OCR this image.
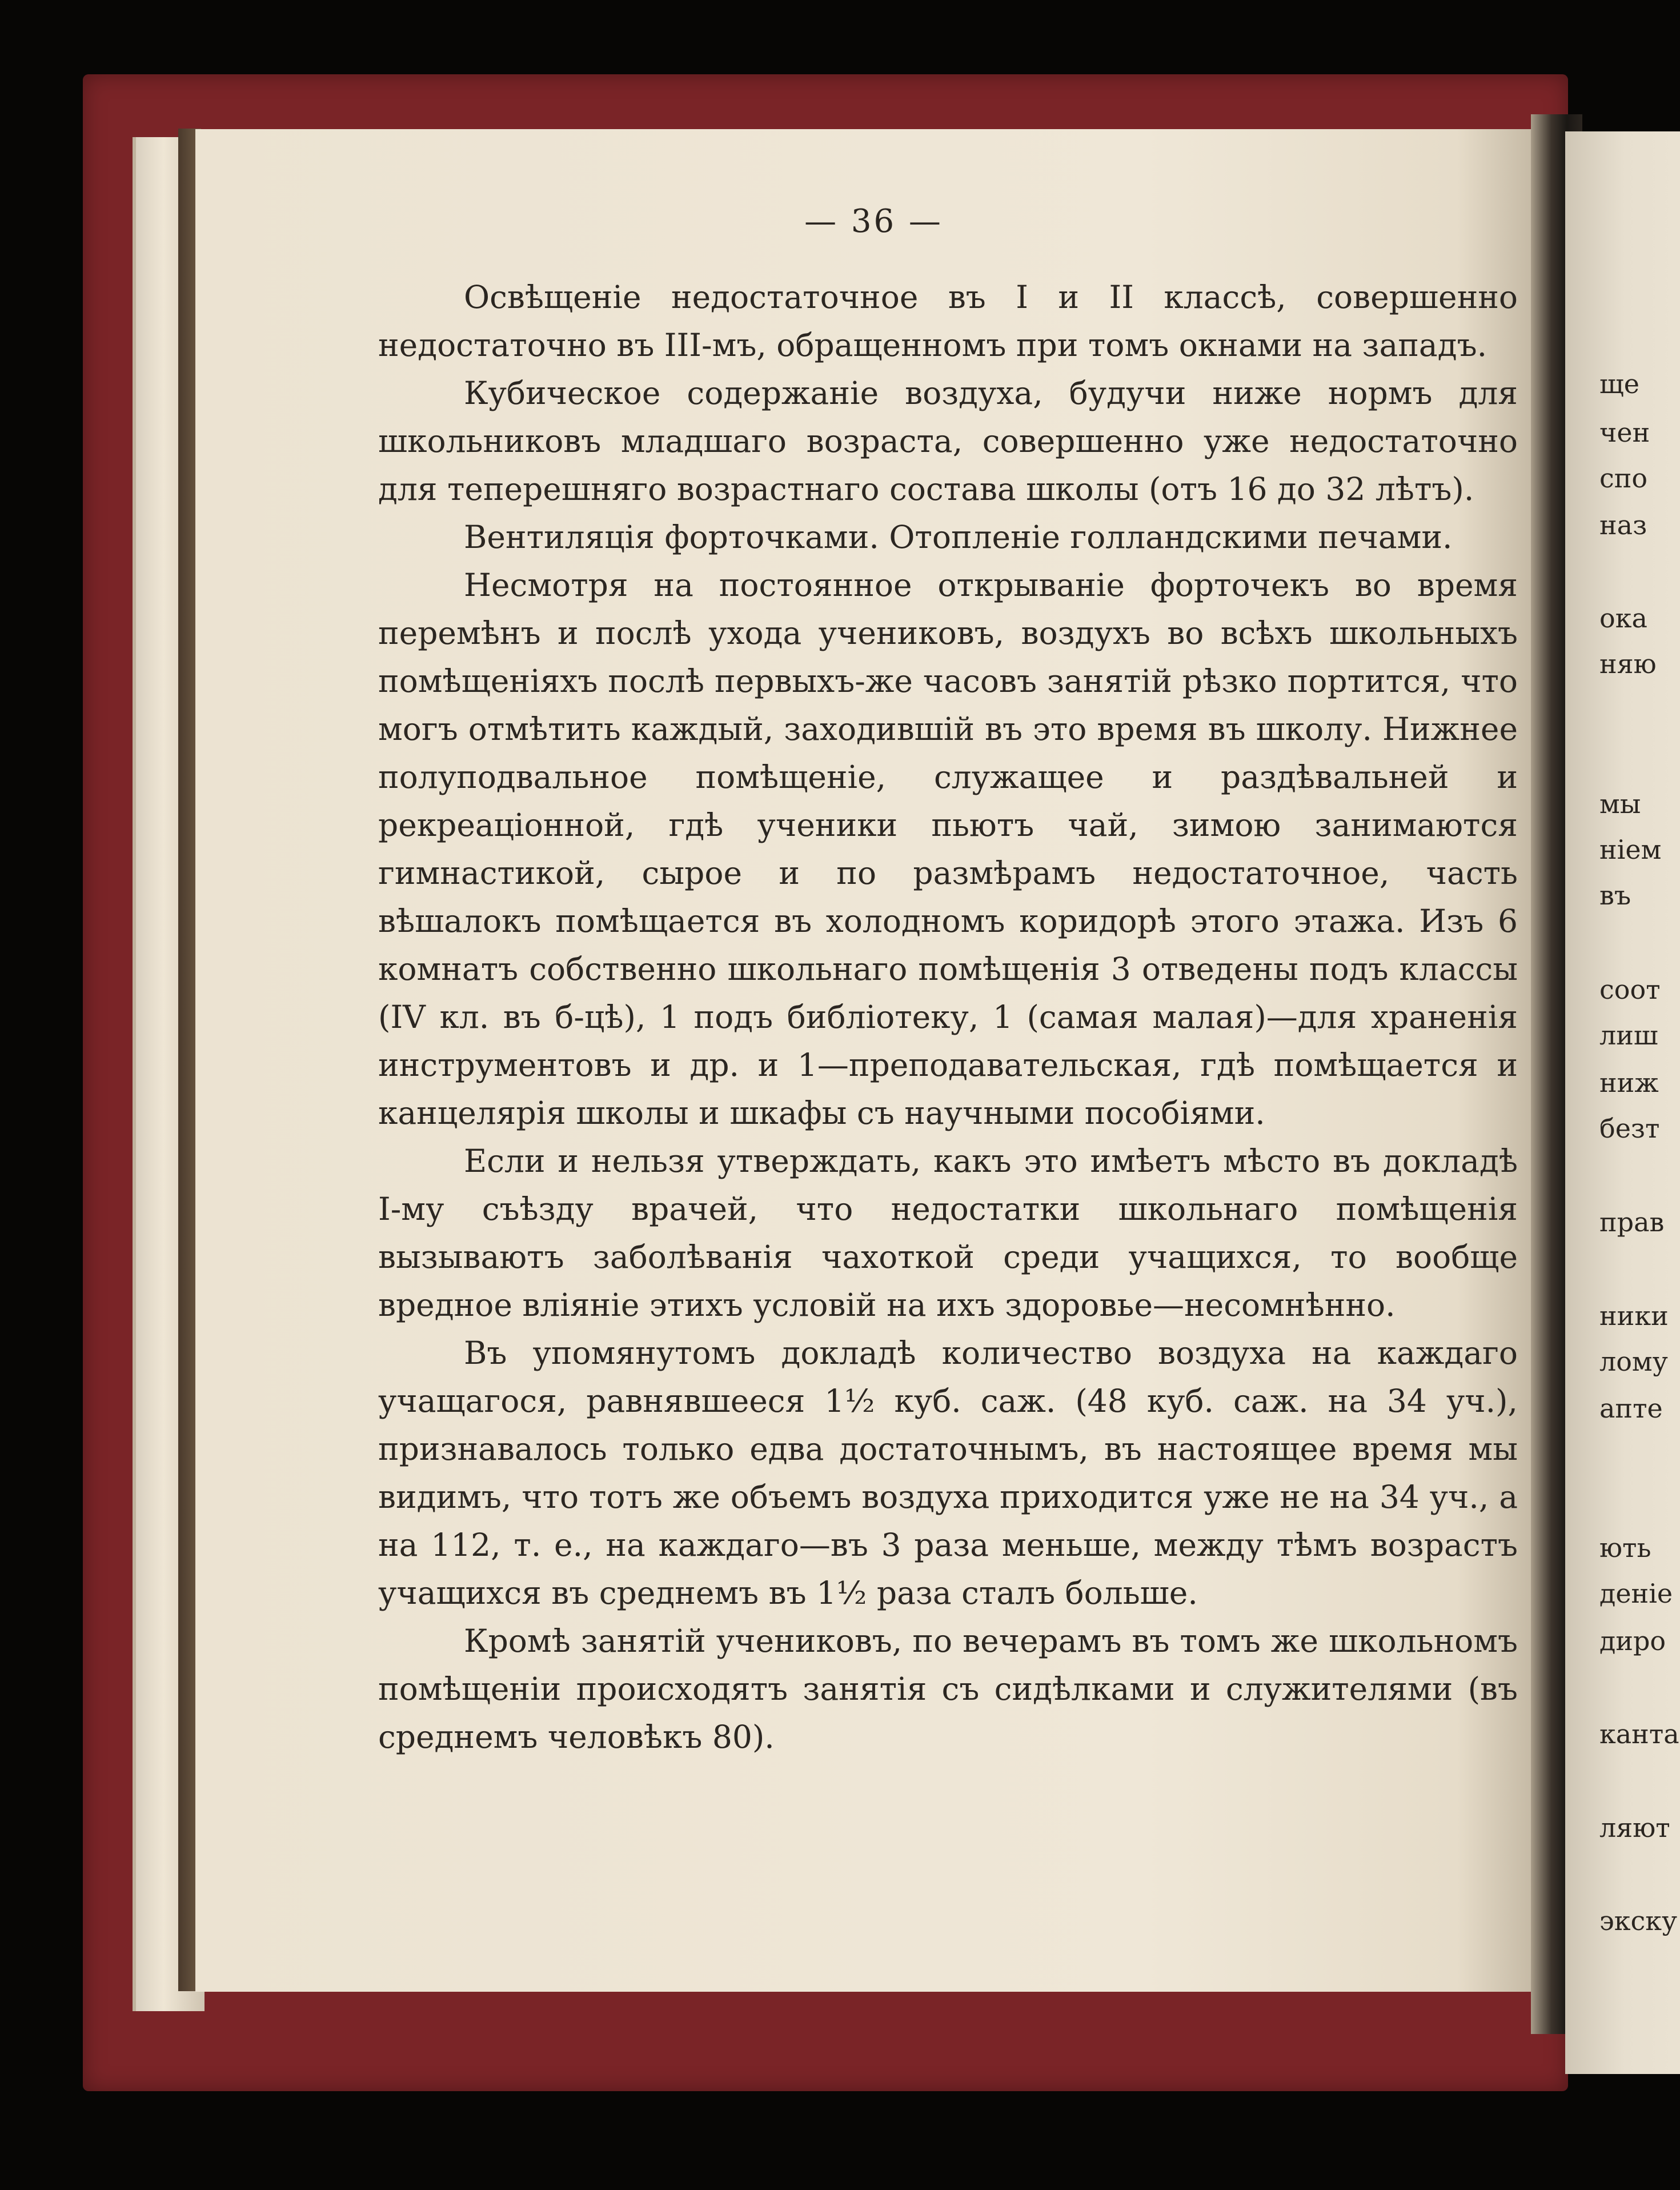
ще
чен
спо
наз
ока
няю
мы
ніем
въ
соот
лиш
ниж
безт
прав
ники
лому
апте
ють
деніе
диро
канта
ляют
экску
— 36 —

Освѣщеніе недостаточное въ I и II классѣ, совершенно недостаточно въ III-мъ, обращенномъ при томъ окнами на западъ.

Кубическое содержаніе воздуха, будучи ниже нормъ для школьниковъ младшаго возраста, совершенно уже недостаточно для теперешняго возрастнаго состава школы (отъ 16 до 32 лѣтъ).

Вентиляція форточками. Отопленіе голландскими печами.

Несмотря на постоянное открываніе форточекъ во время перемѣнъ и послѣ ухода учениковъ, воздухъ во всѣхъ школьныхъ помѣщеніяхъ послѣ первыхъ-же часовъ занятій рѣзко портится, что могъ отмѣтить каждый, заходившій въ это время въ школу. Нижнее полуподвальное помѣщеніе, служащее и раздѣвальней и рекреаціонной, гдѣ ученики пьютъ чай, зимою занимаются гимнастикой, сырое и по размѣрамъ недостаточное, часть вѣшалокъ помѣщается въ холодномъ коридорѣ этого этажа. Изъ 6 комнатъ собственно школьнаго помѣщенія 3 отведены подъ классы (IV кл. въ б-цѣ), 1 подъ библіотеку, 1 (самая малая)—для храненія инструментовъ и др. и 1—преподавательская, гдѣ помѣщается и канцелярія школы и шкафы съ научными пособіями.

Если и нельзя утверждать, какъ это имѣетъ мѣсто въ докладѣ I-му съѣзду врачей, что недостатки школьнаго помѣщенія вызываютъ заболѣванія чахоткой среди учащихся, то вообще вредное вліяніе этихъ условій на ихъ здоровье—несомнѣнно.

Въ упомянутомъ докладѣ количество воздуха на каждаго учащагося, равнявшееся 1½ куб. саж. (48 куб. саж. на 34 уч.), признавалось только едва достаточнымъ, въ настоящее время мы видимъ, что тотъ же объемъ воздуха приходится уже не на 34 уч., а на 112, т. е., на каждаго—въ 3 раза меньше, между тѣмъ возрастъ учащихся въ среднемъ въ 1½ раза сталъ больше.

Кромѣ занятій учениковъ, по вечерамъ въ томъ же школьномъ помѣщеніи происходятъ занятія съ сидѣлками и служителями (въ среднемъ человѣкъ 80).
